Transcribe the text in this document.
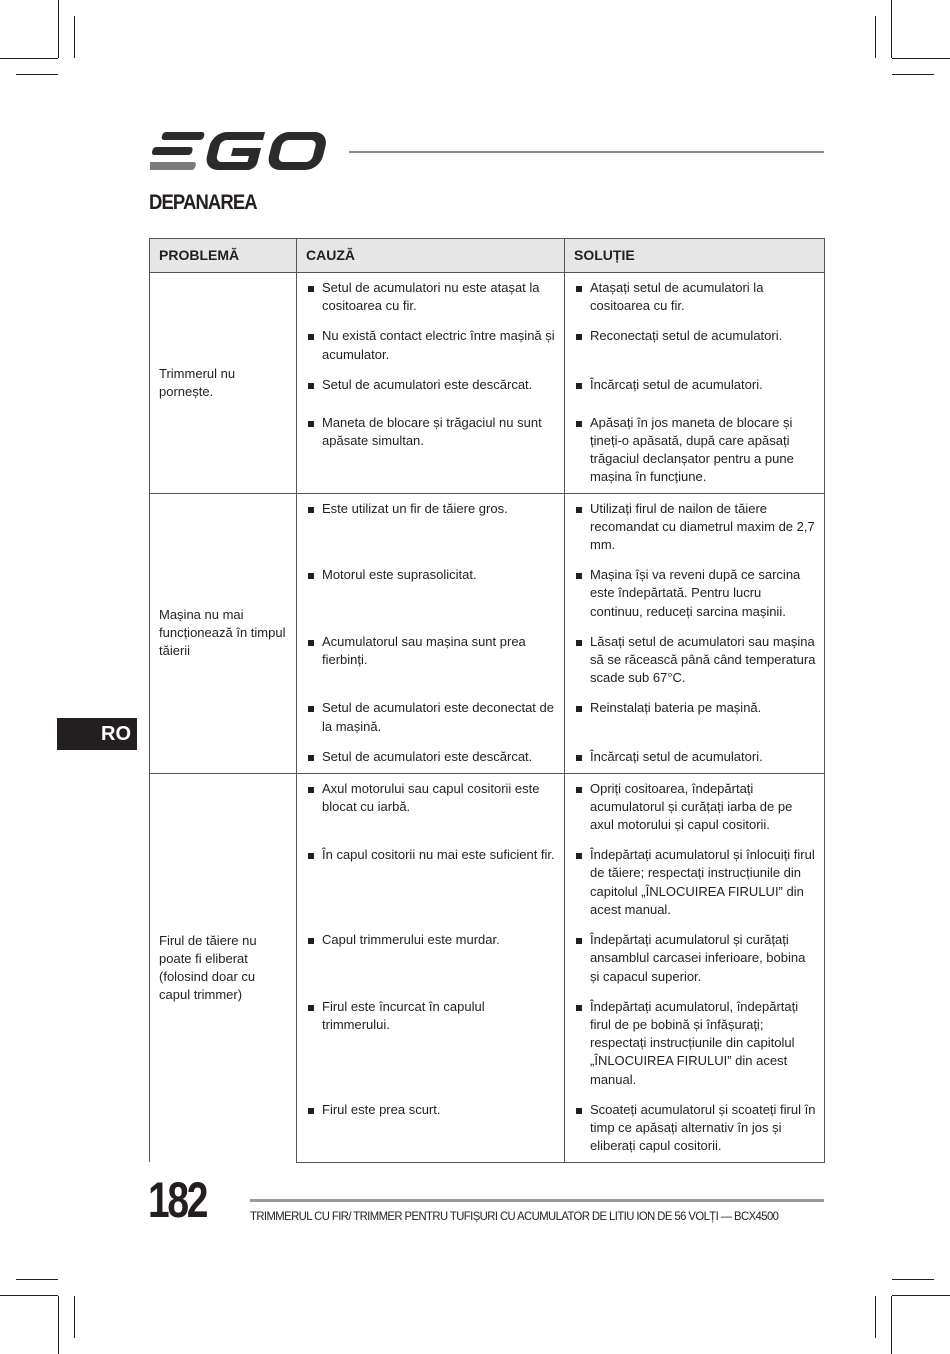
DEPANAREA
PROBLEMĂ	CAUZĂ	SOLUȚIE
Trimmerul nu pornește.	Setul de acumulatori nu este atașat la cositoarea cu fir.	Atașați setul de acumulatori la cositoarea cu fir.

	Nu există contact electric între mașină și acumulator.	Reconectați setul de acumulatori.

	Setul de acumulatori este descărcat.	Încărcați setul de acumulatori.

	Maneta de blocare și trăgaciul nu sunt apăsate simultan.	Apăsați în jos maneta de blocare și țineți-o apăsată, după care apăsați trăgaciul declanșator pentru a pune mașina în funcțiune.

Mașina nu mai funcționează în timpul tăierii	Este utilizat un fir de tăiere gros.	Utilizați firul de nailon de tăiere recomandat cu diametrul maxim de 2,7 mm.

	Motorul este suprasolicitat.	Mașina își va reveni după ce sarcina este îndepărtată. Pentru lucru continuu, reduceți sarcina mașinii.

	Acumulatorul sau mașina sunt prea fierbinți.	Lăsați setul de acumulatori sau mașina să se răcească până când temperatura scade sub 67°C.

	Setul de acumulatori este deconectat de la mașină.	Reinstalați bateria pe mașină.

	Setul de acumulatori este descărcat.	Încărcați setul de acumulatori.

Firul de tăiere nu poate fi eliberat (folosind doar cu capul trimmer)	Axul motorului sau capul cositorii este blocat cu iarbă.	Opriți cositoarea, îndepărtați acumulatorul și curățați iarba de pe axul motorului și capul cositorii.

	În capul cositorii nu mai este suficient fir.	Îndepărtați acumulatorul și înlocuiți firul de tăiere; respectați instrucțiunile din capitolul „ÎNLOCUIREA FIRULUI” din acest manual.

	Capul trimmerului este murdar.	Îndepărtați acumulatorul și curățați ansamblul carcasei inferioare, bobina și capacul superior.

	Firul este încurcat în capulul trimmerului.	Îndepărtați acumulatorul, îndepărtați firul de pe bobină și înfășurați; respectați instrucțiunile din capitolul „ÎNLOCUIREA FIRULUI” din acest manual.

	Firul este prea scurt.	Scoateți acumulatorul și scoateți firul în timp ce apăsați alternativ în jos și eliberați capul cositorii.
RO
182	TRIMMERUL CU FIR/ TRIMMER PENTRU TUFIȘURI CU ACUMULATOR DE LITIU ION DE 56 VOLȚI — BCX4500
